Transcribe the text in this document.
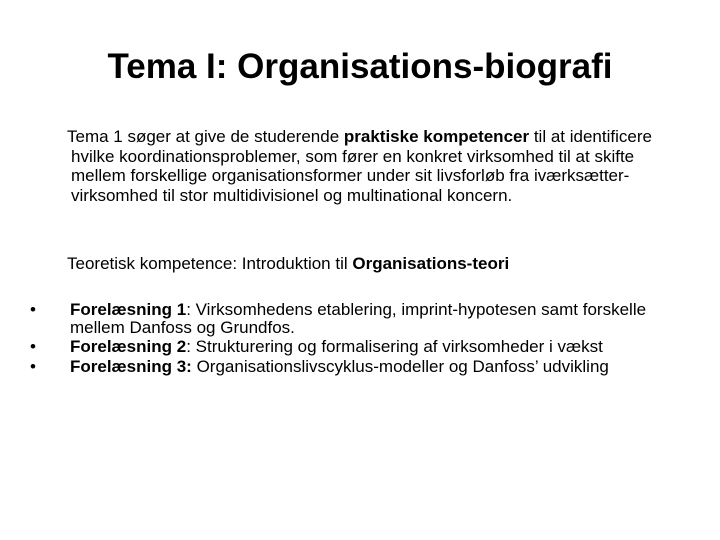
Tema I: Organisations-biografi

Tema 1 søger at give de studerende praktiske kompetencer til at identificere hvilke koordinationsproblemer, som fører en konkret virksomhed til at skifte mellem forskellige organisationsformer under sit livsforløb fra iværksætter-virksomhed til stor multidivisionel og multinational koncern.

Teoretisk kompetence: Introduktion til Organisations-teori

• Forelæsning 1: Virksomhedens etablering, imprint-hypotesen samt forskelle mellem Danfoss og Grundfos.
• Forelæsning 2: Strukturering og formalisering af virksomheder i vækst
• Forelæsning 3: Organisationslivscyklus-modeller og Danfoss’ udvikling
